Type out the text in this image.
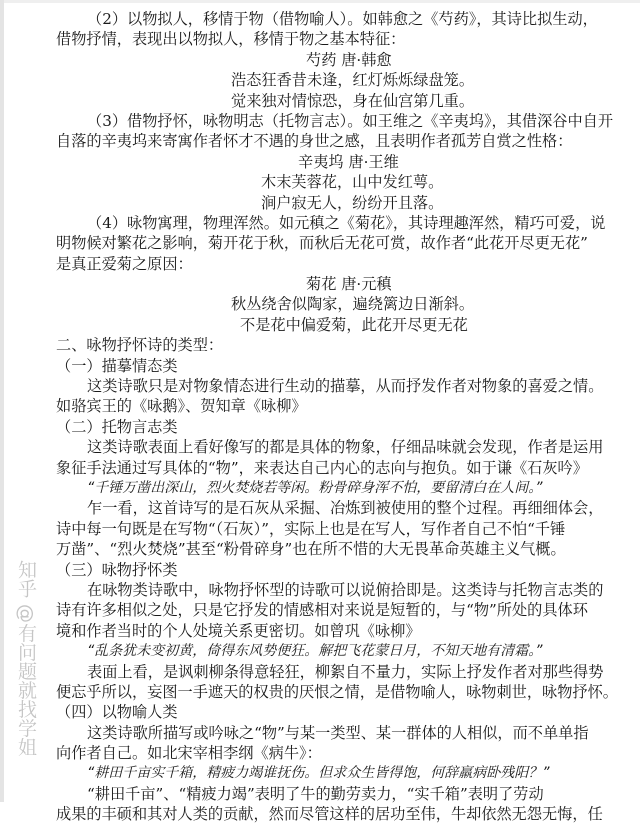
（2）以物拟人，移情于物（借物喻人）。如韩愈之《芍药》，其诗比拟生动，
借物抒情，表现出以物拟人，移情于物之基本特征：
芍药 唐·韩愈
浩态狂香昔未逢，红灯烁烁绿盘笼。
觉来独对情惊恐，身在仙宫第几重。
（3）借物抒怀，咏物明志（托物言志）。如王维之《辛夷坞》，其借深谷中自开
自落的辛夷坞来寄寓作者怀才不遇的身世之感，且表明作者孤芳自赏之性格：
辛夷坞 唐·王维
木末芙蓉花，山中发红萼。
涧户寂无人，纷纷开且落。
（4）咏物寓理，物理浑然。如元稹之《菊花》，其诗理趣浑然，精巧可爱，说
明物候对繁花之影响，菊开花于秋，而秋后无花可赏，故作者“此花开尽更无花”
是真正爱菊之原因：
菊花 唐·元稹
秋丛绕舍似陶家，遍绕篱边日渐斜。
不是花中偏爱菊，此花开尽更无花
二、咏物抒怀诗的类型：
（一）描摹情态类
这类诗歌只是对物象情态进行生动的描摹，从而抒发作者对物象的喜爱之情。
如骆宾王的《咏鹅》、贺知章《咏柳》
（二）托物言志类
这类诗歌表面上看好像写的都是具体的物象，仔细品味就会发现，作者是运用
象征手法通过写具体的“物”，来表达自己内心的志向与抱负。如于谦《石灰吟》
“千锤万凿出深山，烈火焚烧若等闲。粉骨碎身浑不怕，要留清白在人间。”
乍一看，这首诗写的是石灰从采掘、冶炼到被使用的整个过程。再细细体会，
诗中每一句既是在写物“（石灰）”，实际上也是在写人，写作者自己不怕“千锤
万凿”、“烈火焚烧”甚至“粉骨碎身”也在所不惜的大无畏革命英雄主义气概。
（三）咏物抒怀类
在咏物类诗歌中，咏物抒怀型的诗歌可以说俯拾即是。这类诗与托物言志类的
诗有许多相似之处，只是它抒发的情感相对来说是短暂的，与“物”所处的具体环
境和作者当时的个人处境关系更密切。如曾巩《咏柳》
“乱条犹未变初黄，倚得东风势便狂。解把飞花蒙日月，不知天地有清霜。”
表面上看，是讽刺柳条得意轻狂，柳絮自不量力，实际上抒发作者对那些得势
便忘乎所以，妄图一手遮天的权贵的厌恨之情，是借物喻人，咏物刺世，咏物抒怀。
（四）以物喻人类
这类诗歌所描写或吟咏之“物”与某一类型、某一群体的人相似，而不单单指
向作者自己。如北宋宰相李纲《病牛》：
“耕田千亩实千箱，精疲力竭谁抚伤。但求众生皆得饱，何辞羸病卧残阳？”
“耕田千亩”、“精疲力竭”表明了牛的勤劳卖力，“实千箱”表明了劳动
成果的丰硕和其对人类的贡献，然而尽管这样的居功至伟，牛却依然无怨无悔，任
知乎 @有问题就找学姐
